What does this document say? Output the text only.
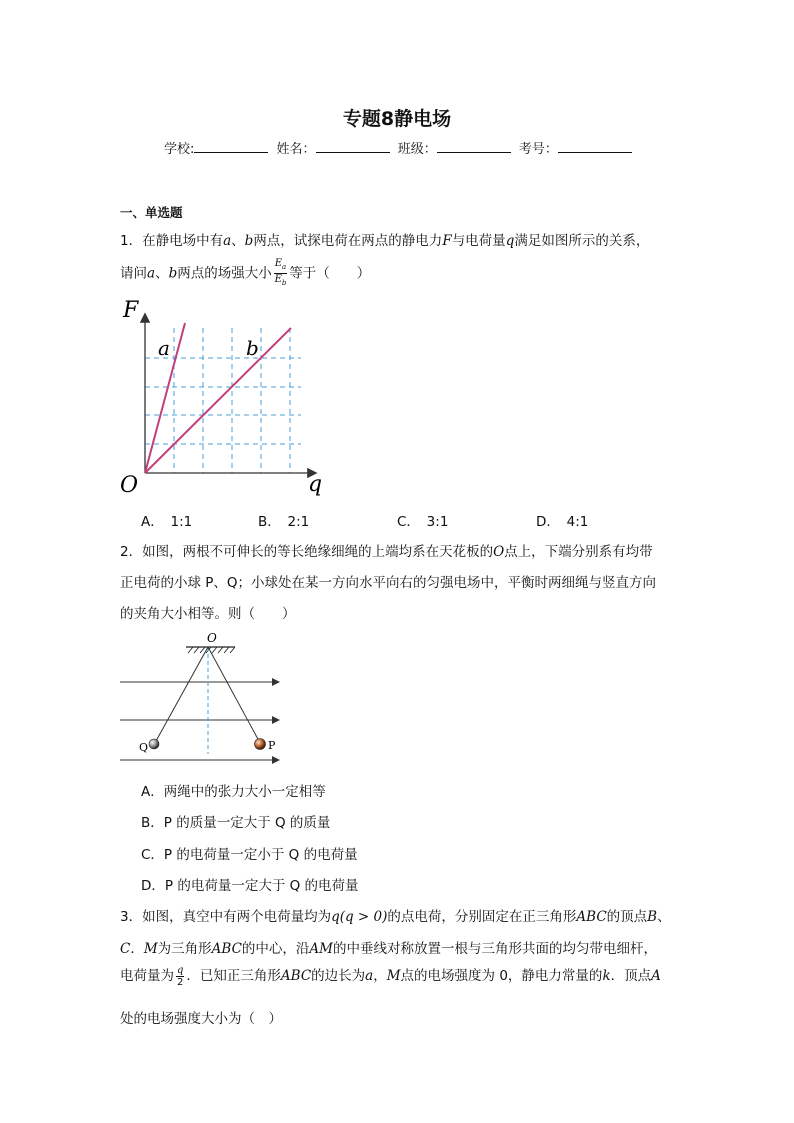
专题8静电场
学校:	姓名：	班级：	考号：
一、单选题
1．在静电场中有a、b两点，试探电荷在两点的静电力F与电荷量q满足如图所示的关系，
请问a、b两点的场强大小 $\frac{E_a}{E_b}$ 等于（　　）
F
O	q
a	b
A．　1:1	B．　2:1	C．　3:1	D．　4:1
2．如图，两根不可伸长的等长绝缘细绳的上端均系在天花板的O点上，下端分别系有均带
正电荷的小球 P、Q；小球处在某一方向水平向右的匀强电场中，平衡时两细绳与竖直方向
的夹角大小相等。则（　　）
O
Q	P
A．两绳中的张力大小一定相等
B．P 的质量一定大于 Q 的质量
C．P 的电荷量一定小于 Q 的电荷量
D．P 的电荷量一定大于 Q 的电荷量
3．如图，真空中有两个电荷量均为q(q > 0)的点电荷，分别固定在正三角形ABC的顶点B、
C．M为三角形ABC的中心，沿AM的中垂线对称放置一根与三角形共面的均匀带电细杆，
电荷量为 $\frac{q}{2}$ ．已知正三角形ABC的边长为a，M点的电场强度为 0，静电力常量的k．顶点A
处的电场强度大小为（　）
